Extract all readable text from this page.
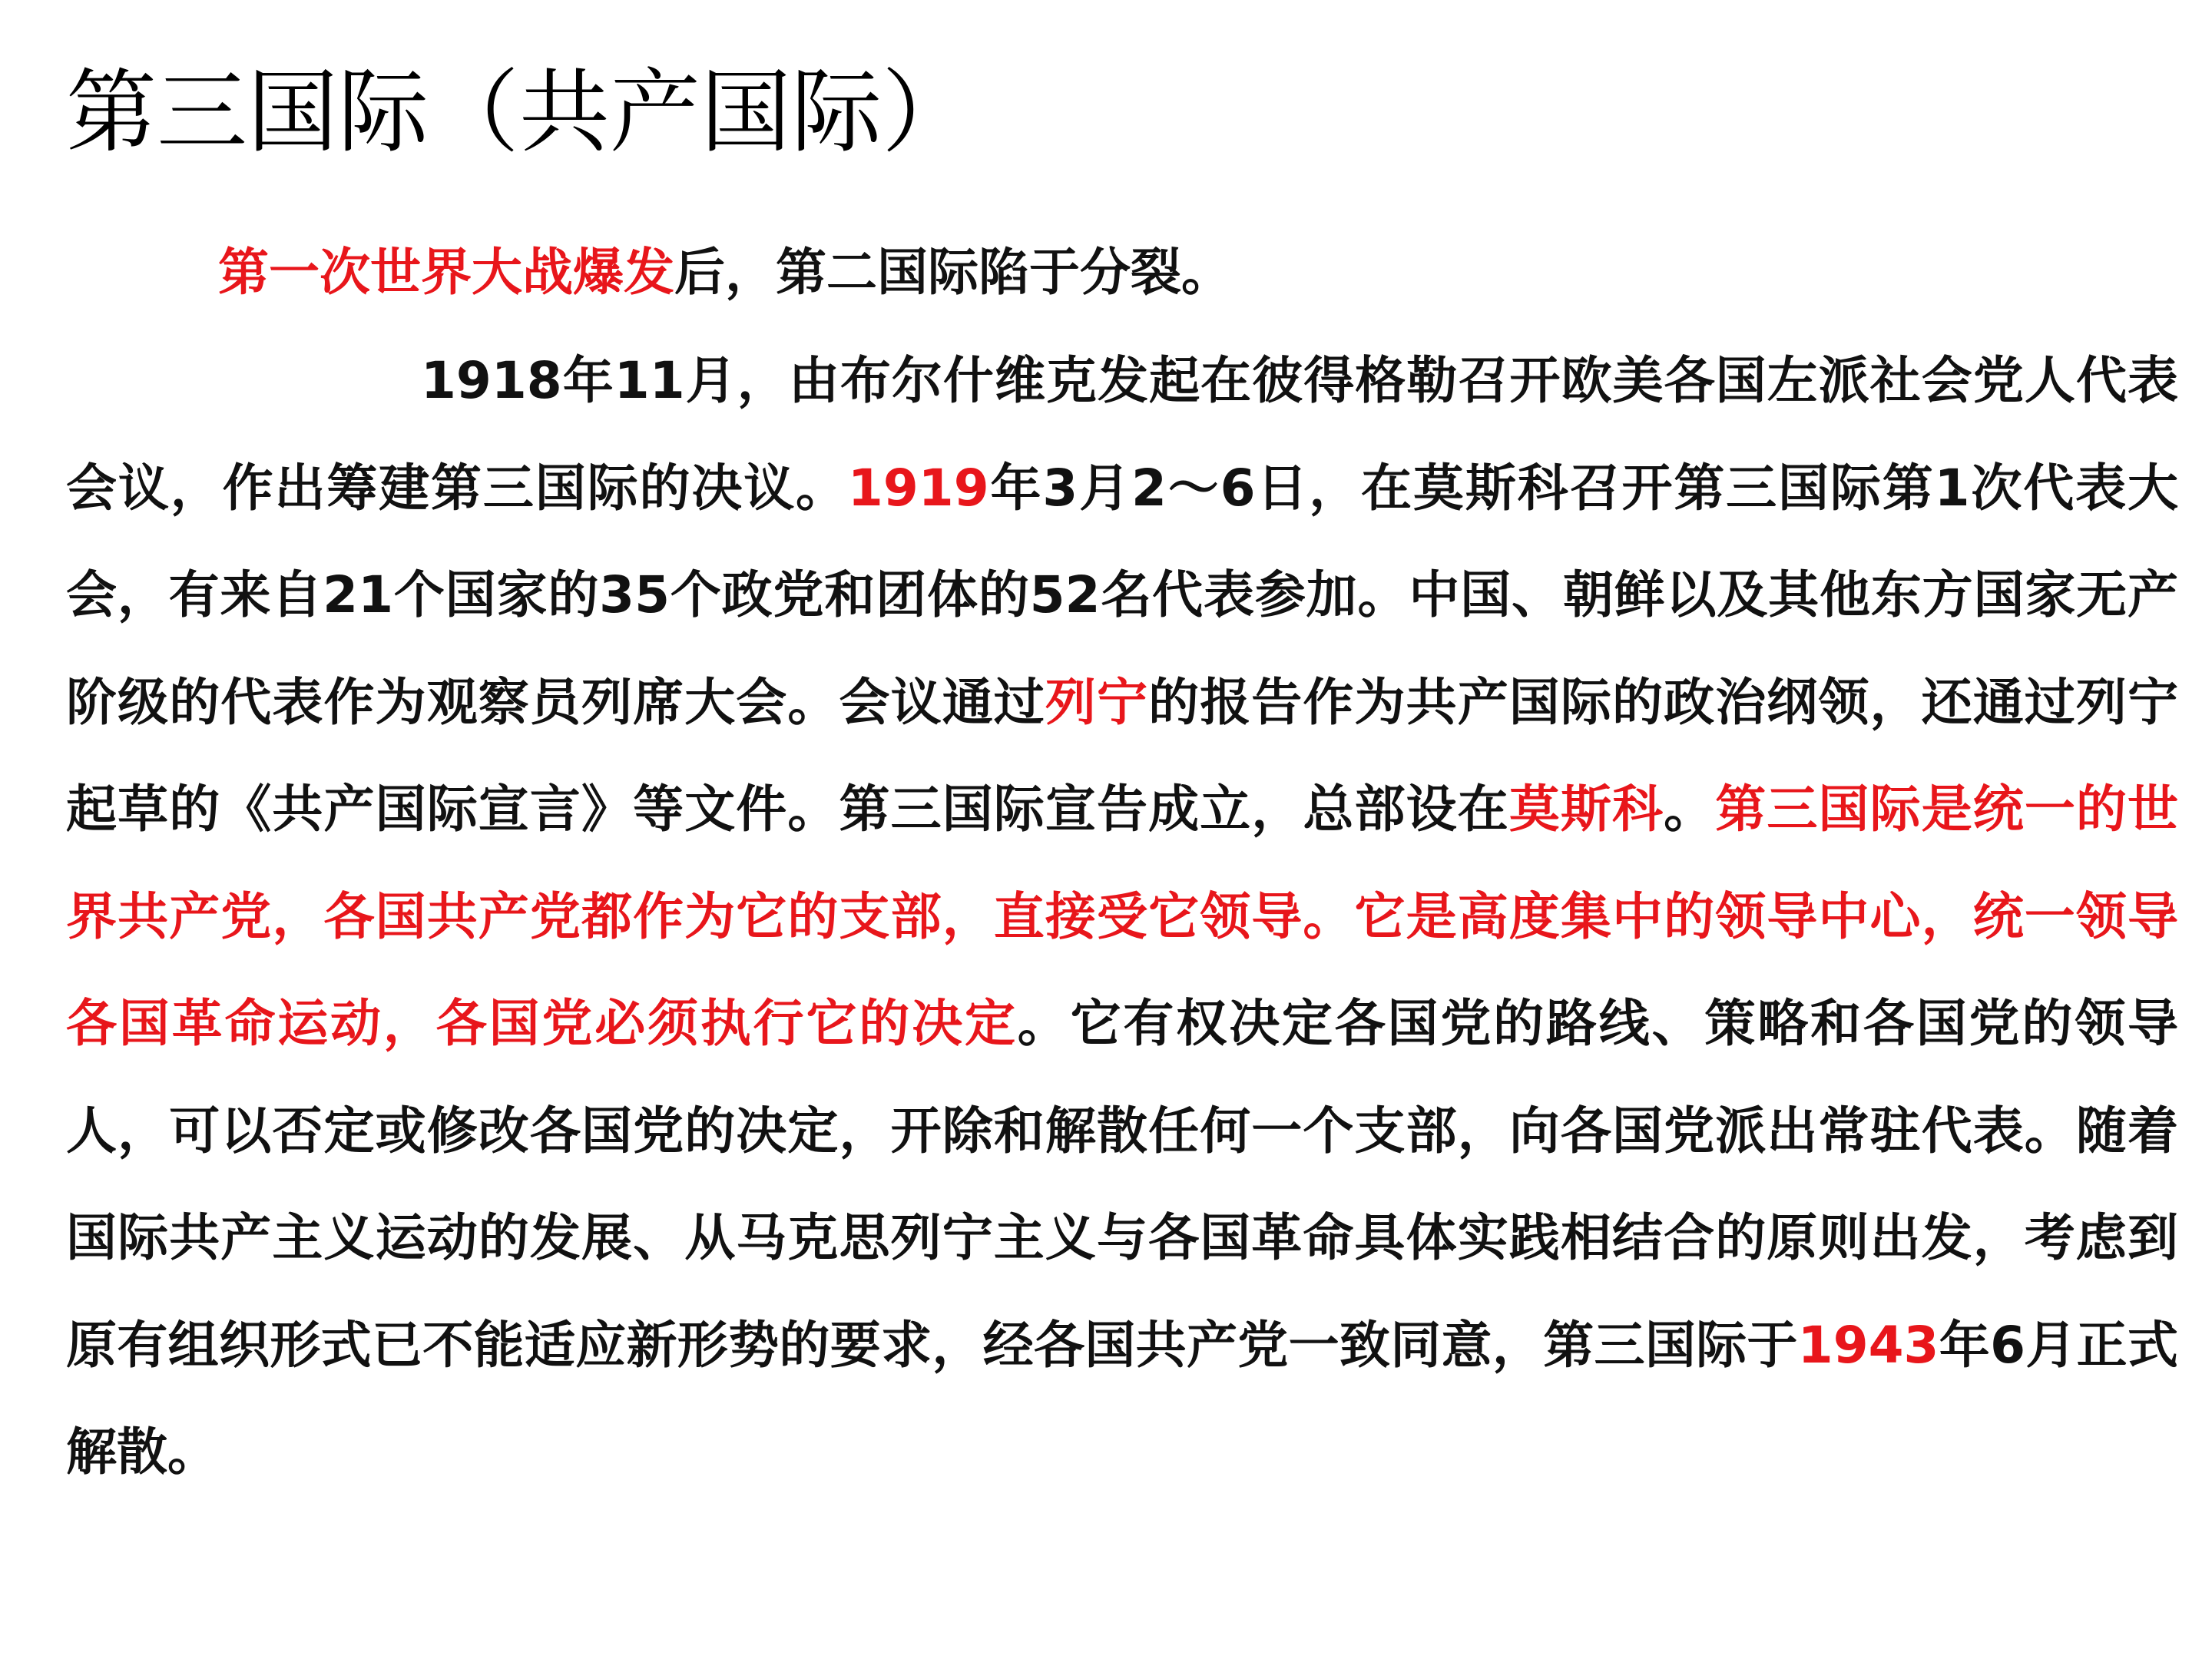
第三国际（共产国际）

第一次世界大战爆发后，第二国际陷于分裂。

1918年11月，由布尔什维克发起在彼得格勒召开欧美各国左派社会党人代表会议，作出筹建第三国际的决议。1919年3月2～6日，在莫斯科召开第三国际第1次代表大会，有来自21个国家的35个政党和团体的52名代表参加。中国、朝鲜以及其他东方国家无产阶级的代表作为观察员列席大会。会议通过列宁的报告作为共产国际的政治纲领，还通过列宁起草的《共产国际宣言》等文件。第三国际宣告成立，总部设在莫斯科。第三国际是统一的世界共产党，各国共产党都作为它的支部，直接受它领导。它是高度集中的领导中心，统一领导各国革命运动，各国党必须执行它的决定。它有权决定各国党的路线、策略和各国党的领导人，可以否定或修改各国党的决定，开除和解散任何一个支部，向各国党派出常驻代表。随着国际共产主义运动的发展、从马克思列宁主义与各国革命具体实践相结合的原则出发，考虑到原有组织形式已不能适应新形势的要求，经各国共产党一致同意，第三国际于1943年6月正式解散。
